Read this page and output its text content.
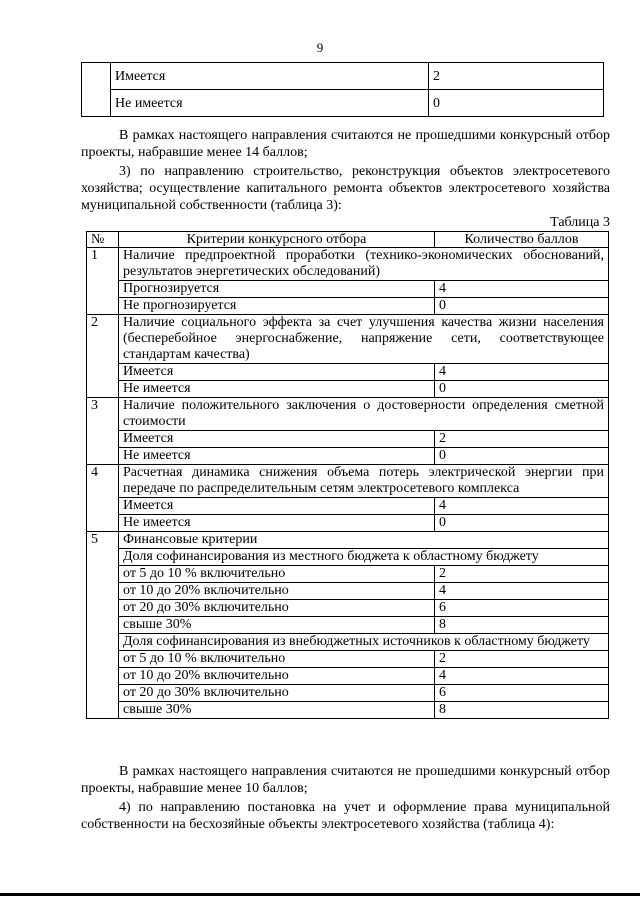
9
	Имеется	2
	Не имеется	0

В рамках настоящего направления считаются не прошедшими конкурсный отбор проекты, набравшие менее 14 баллов;

3) по направлению строительство, реконструкция объектов электросетевого хозяйства; осуществление капитального ремонта объектов электросетевого хозяйства муниципальной собственности (таблица 3):

Таблица 3
№	Критерии конкурсного отбора	Количество баллов
1	Наличие предпроектной проработки (технико-экономических обоснований, результатов энергетических обследований)	
	Прогнозируется	4
	Не прогнозируется	0
2	Наличие социального эффекта за счет улучшения качества жизни населения (бесперебойное энергоснабжение, напряжение сети, соответствующее стандартам качества)	
	Имеется	4
	Не имеется	0
3	Наличие положительного заключения о достоверности определения сметной стоимости	
	Имеется	2
	Не имеется	0
4	Расчетная динамика снижения объема потерь электрической энергии при передаче по распределительным сетям электросетевого комплекса	
	Имеется	4
	Не имеется	0
5	Финансовые критерии	
	Доля софинансирования из местного бюджета к областному бюджету	
	от 5 до 10 % включительно	2
	от 10 до 20% включительно	4
	от 20 до 30% включительно	6
	свыше 30%	8
	Доля софинансирования из внебюджетных источников к областному бюджету	
	от 5 до 10 % включительно	2
	от 10 до 20% включительно	4
	от 20 до 30% включительно	6
	свыше 30%	8

В рамках настоящего направления считаются не прошедшими конкурсный отбор проекты, набравшие менее 10 баллов;

4) по направлению постановка на учет и оформление права муниципальной собственности на бесхозяйные объекты электросетевого хозяйства (таблица 4):
